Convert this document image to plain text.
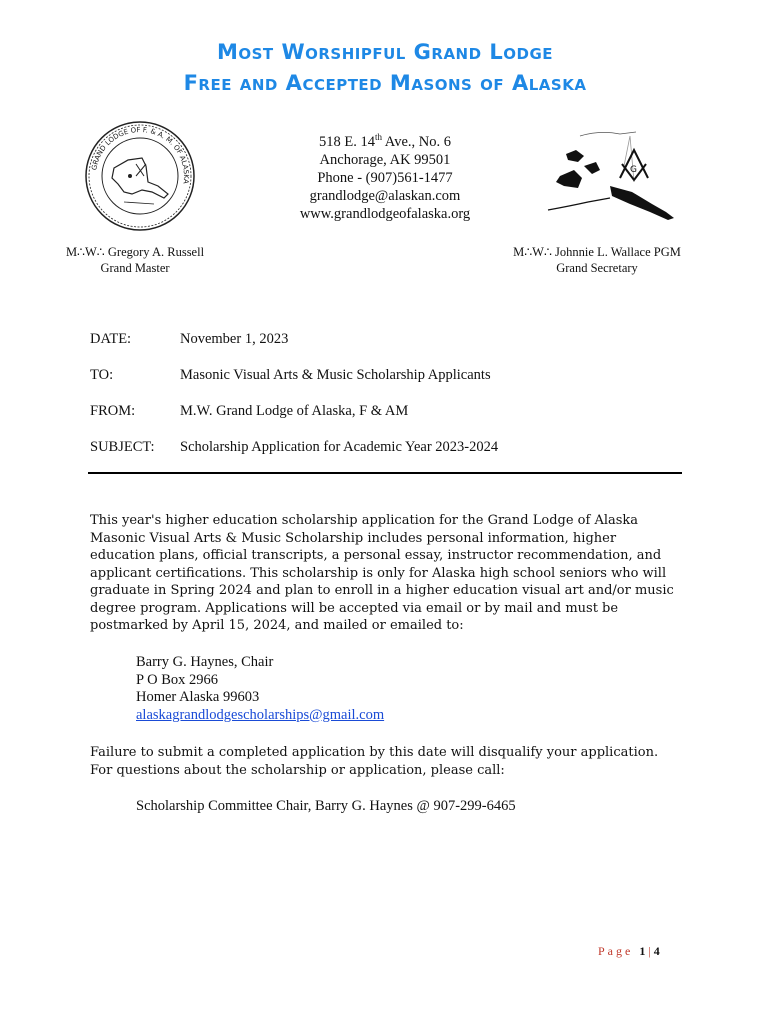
Most Worshipful Grand Lodge
Free and Accepted Masons of Alaska
GRAND LODGE OF F. & A. M. OF ALASKA
G
518 E. 14th Ave., No. 6
Anchorage, AK 99501
Phone - (907)561-1477
grandlodge@alaskan.com
www.grandlodgeofalaska.org
M∴W∴ Gregory A. Russell
Grand Master
M∴W∴ Johnnie L. Wallace PGM
Grand Secretary
DATE:	November 1, 2023
TO:	Masonic Visual Arts & Music Scholarship Applicants
FROM:	M.W. Grand Lodge of Alaska, F & AM
SUBJECT:	Scholarship Application for Academic Year 2023-2024
This year's higher education scholarship application for the Grand Lodge of Alaska Masonic Visual Arts & Music Scholarship includes personal information, higher education plans, official transcripts, a personal essay, instructor recommendation, and applicant certifications. This scholarship is only for Alaska high school seniors who will graduate in Spring 2024 and plan to enroll in a higher education visual art and/or music degree program. Applications will be accepted via email or by mail and must be postmarked by April 15, 2024, and mailed or emailed to:
Barry G. Haynes, Chair
P O Box 2966
Homer Alaska 99603
alaskagrandlodgescholarships@gmail.com
Failure to submit a completed application by this date will disqualify your application. For questions about the scholarship or application, please call:
Scholarship Committee Chair, Barry G. Haynes @ 907-299-6465
Page 1|4
